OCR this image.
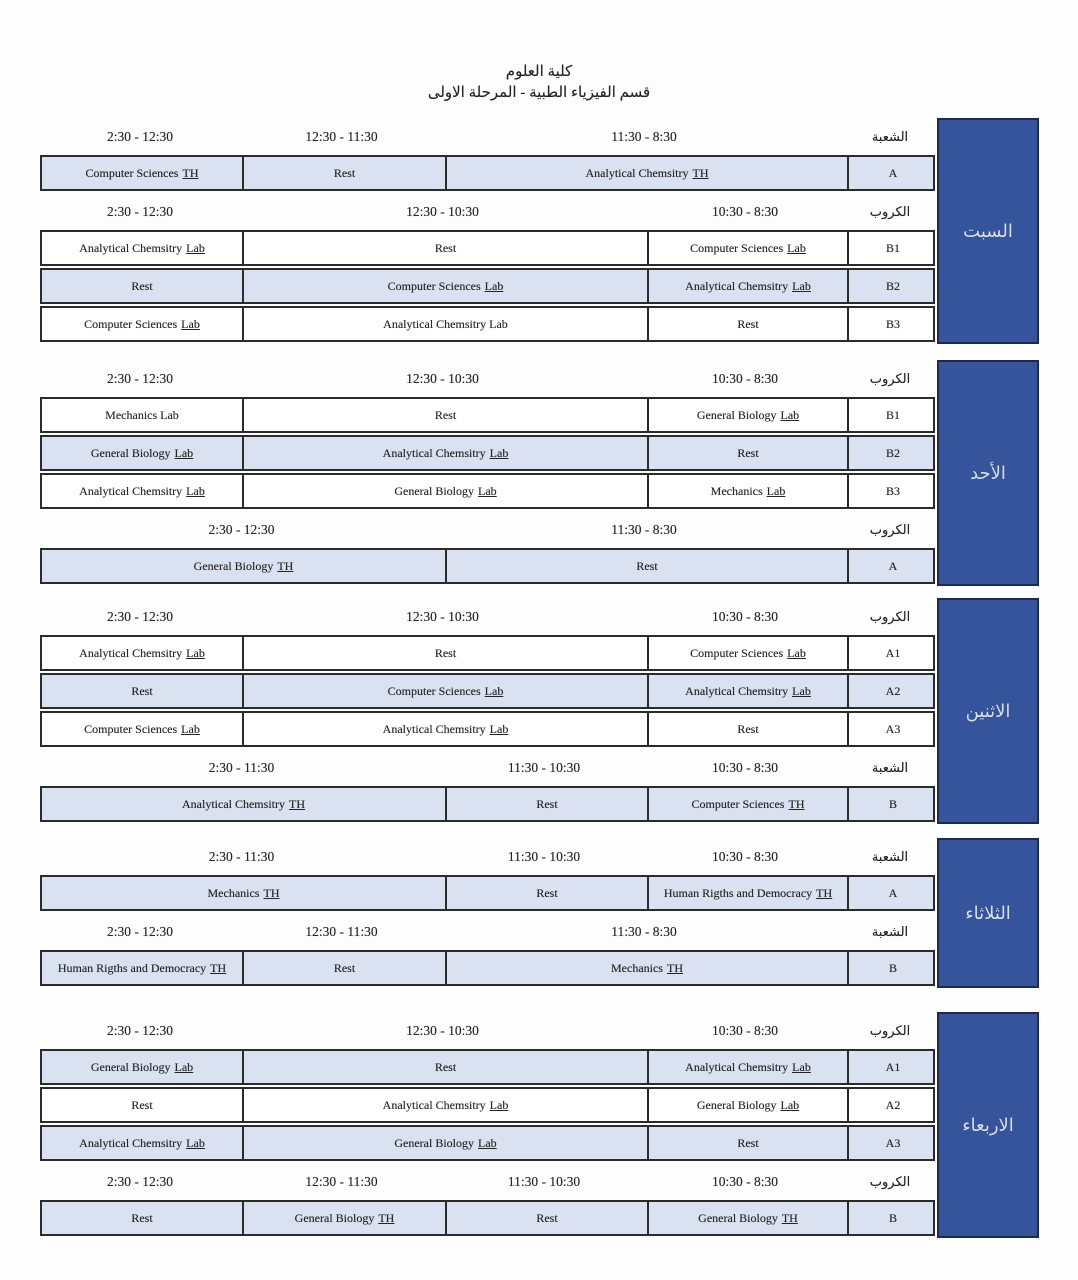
كلية العلوم
قسم الفيزياء الطبية - المرحلة الاولى
2:30 - 12:30	12:30 - 11:30	11:30 - 8:30	الشعبة
Computer Sciences TH	Rest	Analytical Chemsitry TH	A
2:30 - 12:30	12:30 - 10:30	10:30 - 8:30	الكروب
Analytical Chemsitry Lab	Rest	Computer Sciences Lab	B1
Rest	Computer Sciences Lab	Analytical Chemsitry Lab	B2
Computer Sciences Lab	Analytical Chemsitry Lab	Rest	B3
السبت
2:30 - 12:30	12:30 - 10:30	10:30 - 8:30	الكروب
Mechanics Lab	Rest	General Biology Lab	B1
General Biology Lab	Analytical Chemsitry Lab	Rest	B2
Analytical Chemsitry Lab	General Biology Lab	Mechanics Lab	B3
2:30 - 12:30	11:30 - 8:30	الكروب
General Biology TH	Rest	A
الأحد
2:30 - 12:30	12:30 - 10:30	10:30 - 8:30	الكروب
Analytical Chemsitry Lab	Rest	Computer Sciences Lab	A1
Rest	Computer Sciences Lab	Analytical Chemsitry Lab	A2
Computer Sciences Lab	Analytical Chemsitry Lab	Rest	A3
2:30 - 11:30	11:30 - 10:30	10:30 - 8:30	الشعبة
Analytical Chemsitry TH	Rest	Computer Sciences TH	B
الاثنين
2:30 - 11:30	11:30 - 10:30	10:30 - 8:30	الشعبة
Mechanics TH	Rest	Human Rigths and Democracy TH	A
2:30 - 12:30	12:30 - 11:30	11:30 - 8:30	الشعبة
Human Rigths and Democracy TH	Rest	Mechanics TH	B
الثلاثاء
2:30 - 12:30	12:30 - 10:30	10:30 - 8:30	الكروب
General Biology Lab	Rest	Analytical Chemsitry Lab	A1
Rest	Analytical Chemsitry Lab	General Biology Lab	A2
Analytical Chemsitry Lab	General Biology Lab	Rest	A3
2:30 - 12:30	12:30 - 11:30	11:30 - 10:30	10:30 - 8:30	الكروب
Rest	General Biology TH	Rest	General Biology TH	B
الاربعاء
